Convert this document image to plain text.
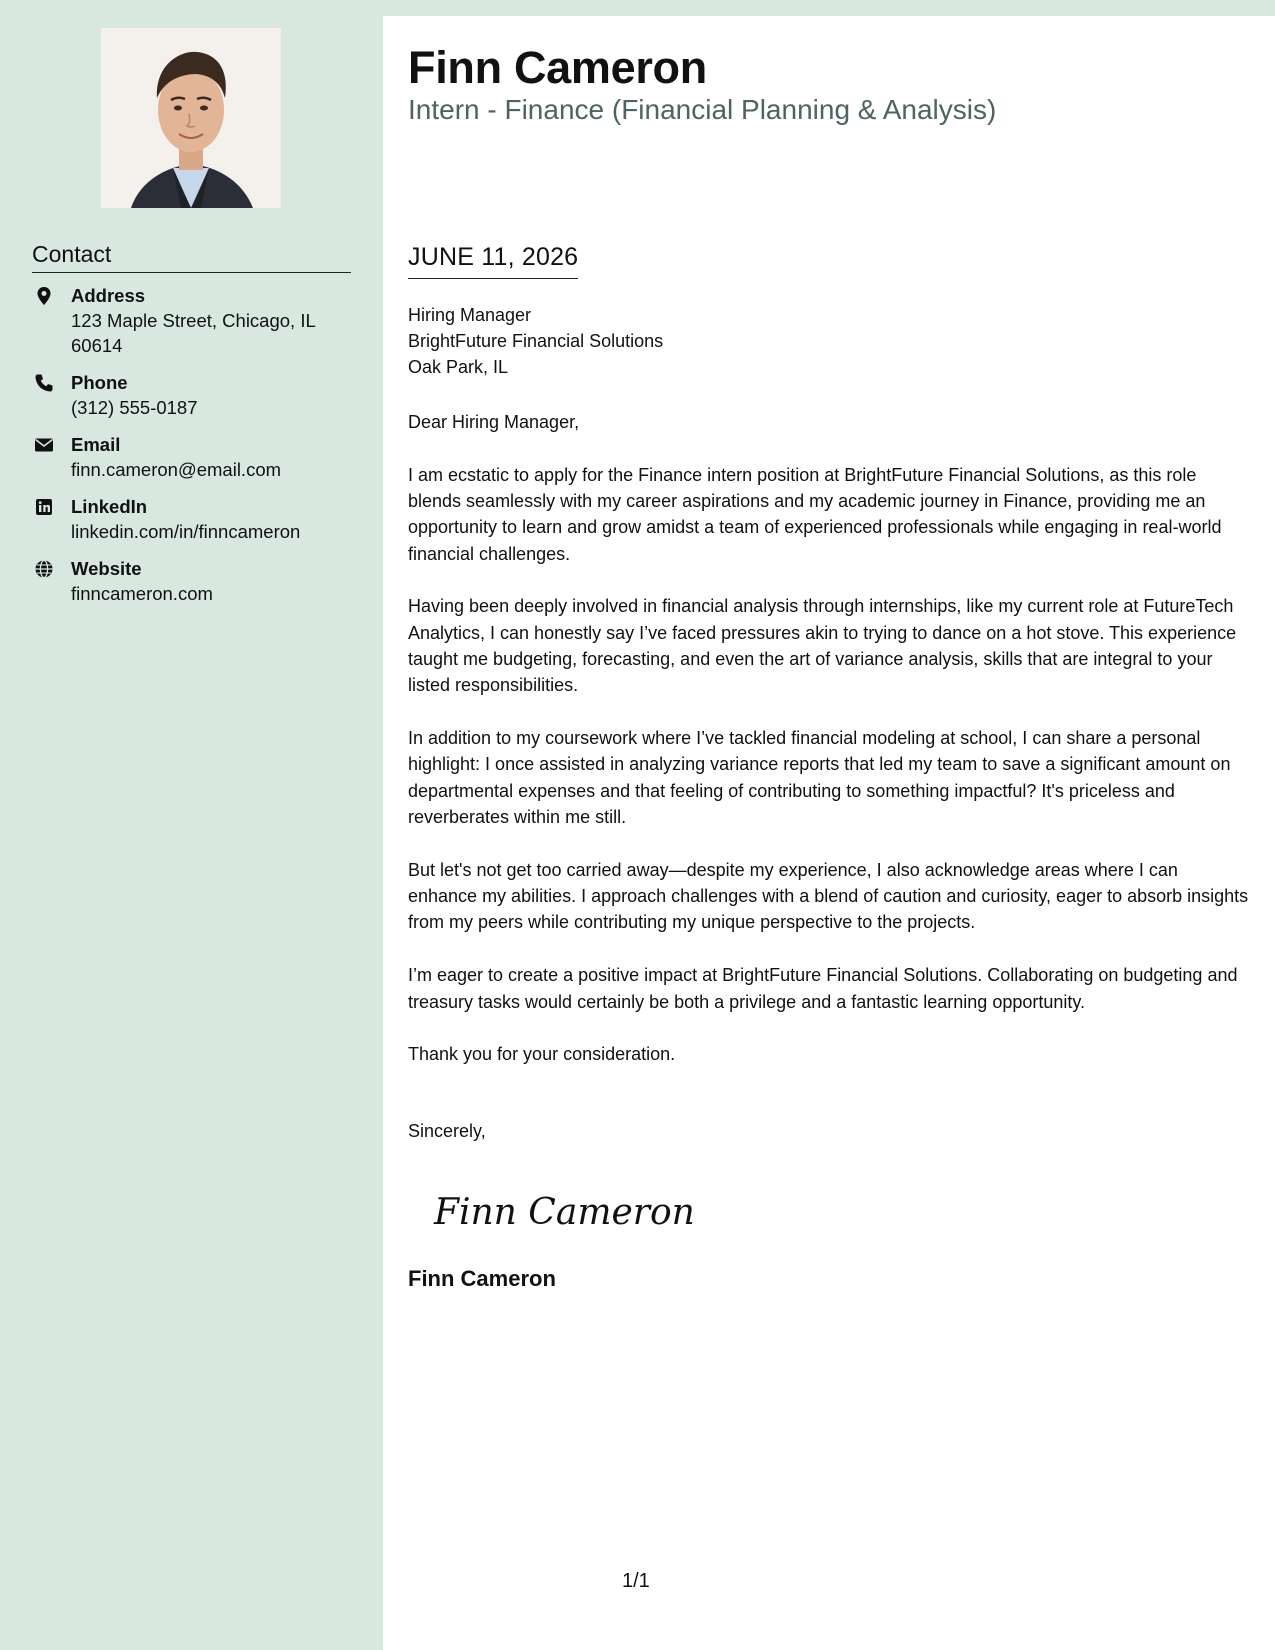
Contact
Address
123 Maple Street, Chicago, IL 60614
Phone
(312) 555-0187
Email
finn.cameron@email.com
LinkedIn
linkedin.com/in/finncameron
Website
finncameron.com
Finn Cameron
Intern - Finance (Financial Planning & Analysis)
JUNE 11, 2026
Hiring Manager
BrightFuture Financial Solutions
Oak Park, IL

Dear Hiring Manager,

I am ecstatic to apply for the Finance intern position at BrightFuture Financial Solutions, as this role blends seamlessly with my career aspirations and my academic journey in Finance, providing me an opportunity to learn and grow amidst a team of experienced professionals while engaging in real-world financial challenges.

Having been deeply involved in financial analysis through internships, like my current role at FutureTech Analytics, I can honestly say I’ve faced pressures akin to trying to dance on a hot stove. This experience taught me budgeting, forecasting, and even the art of variance analysis, skills that are integral to your listed responsibilities.

In addition to my coursework where I’ve tackled financial modeling at school, I can share a personal highlight: I once assisted in analyzing variance reports that led my team to save a significant amount on departmental expenses and that feeling of contributing to something impactful? It's priceless and reverberates within me still.

But let's not get too carried away—despite my experience, I also acknowledge areas where I can enhance my abilities. I approach challenges with a blend of caution and curiosity, eager to absorb insights from my peers while contributing my unique perspective to the projects.

I’m eager to create a positive impact at BrightFuture Financial Solutions. Collaborating on budgeting and treasury tasks would certainly be both a privilege and a fantastic learning opportunity.

Thank you for your consideration.

Sincerely,
Finn Cameron
Finn Cameron
1/1
